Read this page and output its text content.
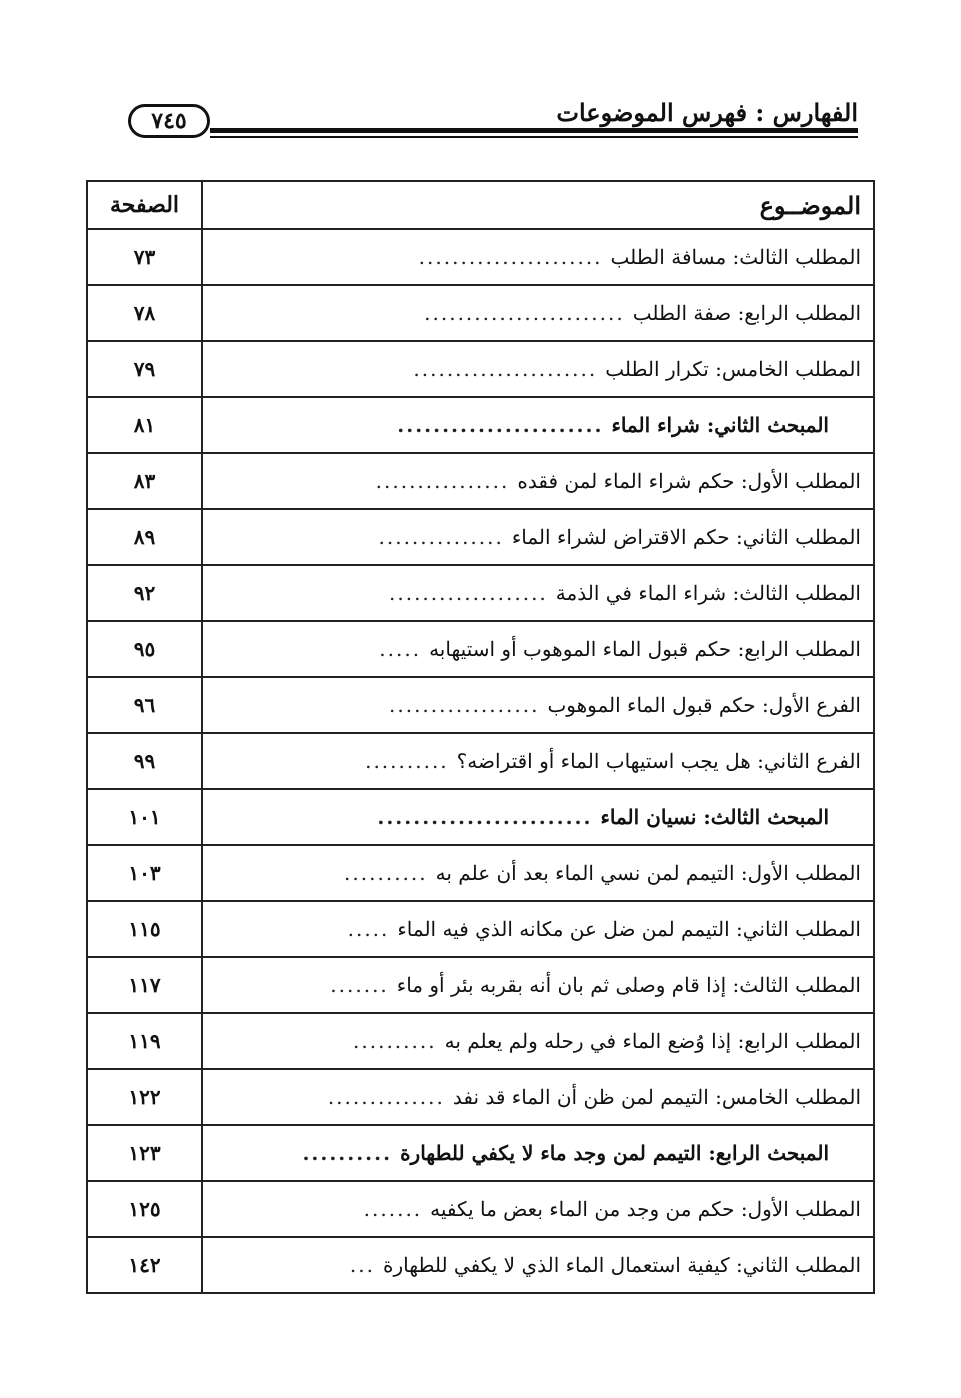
الفهارس : فهرس الموضوعات
٧٤٥
الموضــوع	الصفحة
المطلب الثالث: مسافة الطلب......................	٧٣
المطلب الرابع: صفة الطلب........................	٧٨
المطلب الخامس: تكرار الطلب......................	٧٩
المبحث الثاني: شراء الماء.......................	٨١
المطلب الأول: حكم شراء الماء لمن فقده................	٨٣
المطلب الثاني: حكم الاقتراض لشراء الماء...............	٨٩
المطلب الثالث: شراء الماء في الذمة...................	٩٢
المطلب الرابع: حكم قبول الماء الموهوب أو استيهابه.....	٩٥
الفرع الأول: حكم قبول الماء الموهوب..................	٩٦
الفرع الثاني: هل يجب استيهاب الماء أو اقتراضه؟..........	٩٩
المبحث الثالث: نسيان الماء........................	١٠١
المطلب الأول: التيمم لمن نسي الماء بعد أن علم به..........	١٠٣
المطلب الثاني: التيمم لمن ضل عن مكانه الذي فيه الماء.....	١١٥
المطلب الثالث: إذا قام وصلى ثم بان أنه بقربه بئر أو ماء.......	١١٧
المطلب الرابع: إذا وُضع الماء في رحله ولم يعلم به..........	١١٩
المطلب الخامس: التيمم لمن ظن أن الماء قد نفد..............	١٢٢
المبحث الرابع: التيمم لمن وجد ماء لا يكفي للطهارة..........	١٢٣
المطلب الأول: حكم من وجد من الماء بعض ما يكفيه.......	١٢٥
المطلب الثاني: كيفية استعمال الماء الذي لا يكفي للطهارة...	١٤٢
